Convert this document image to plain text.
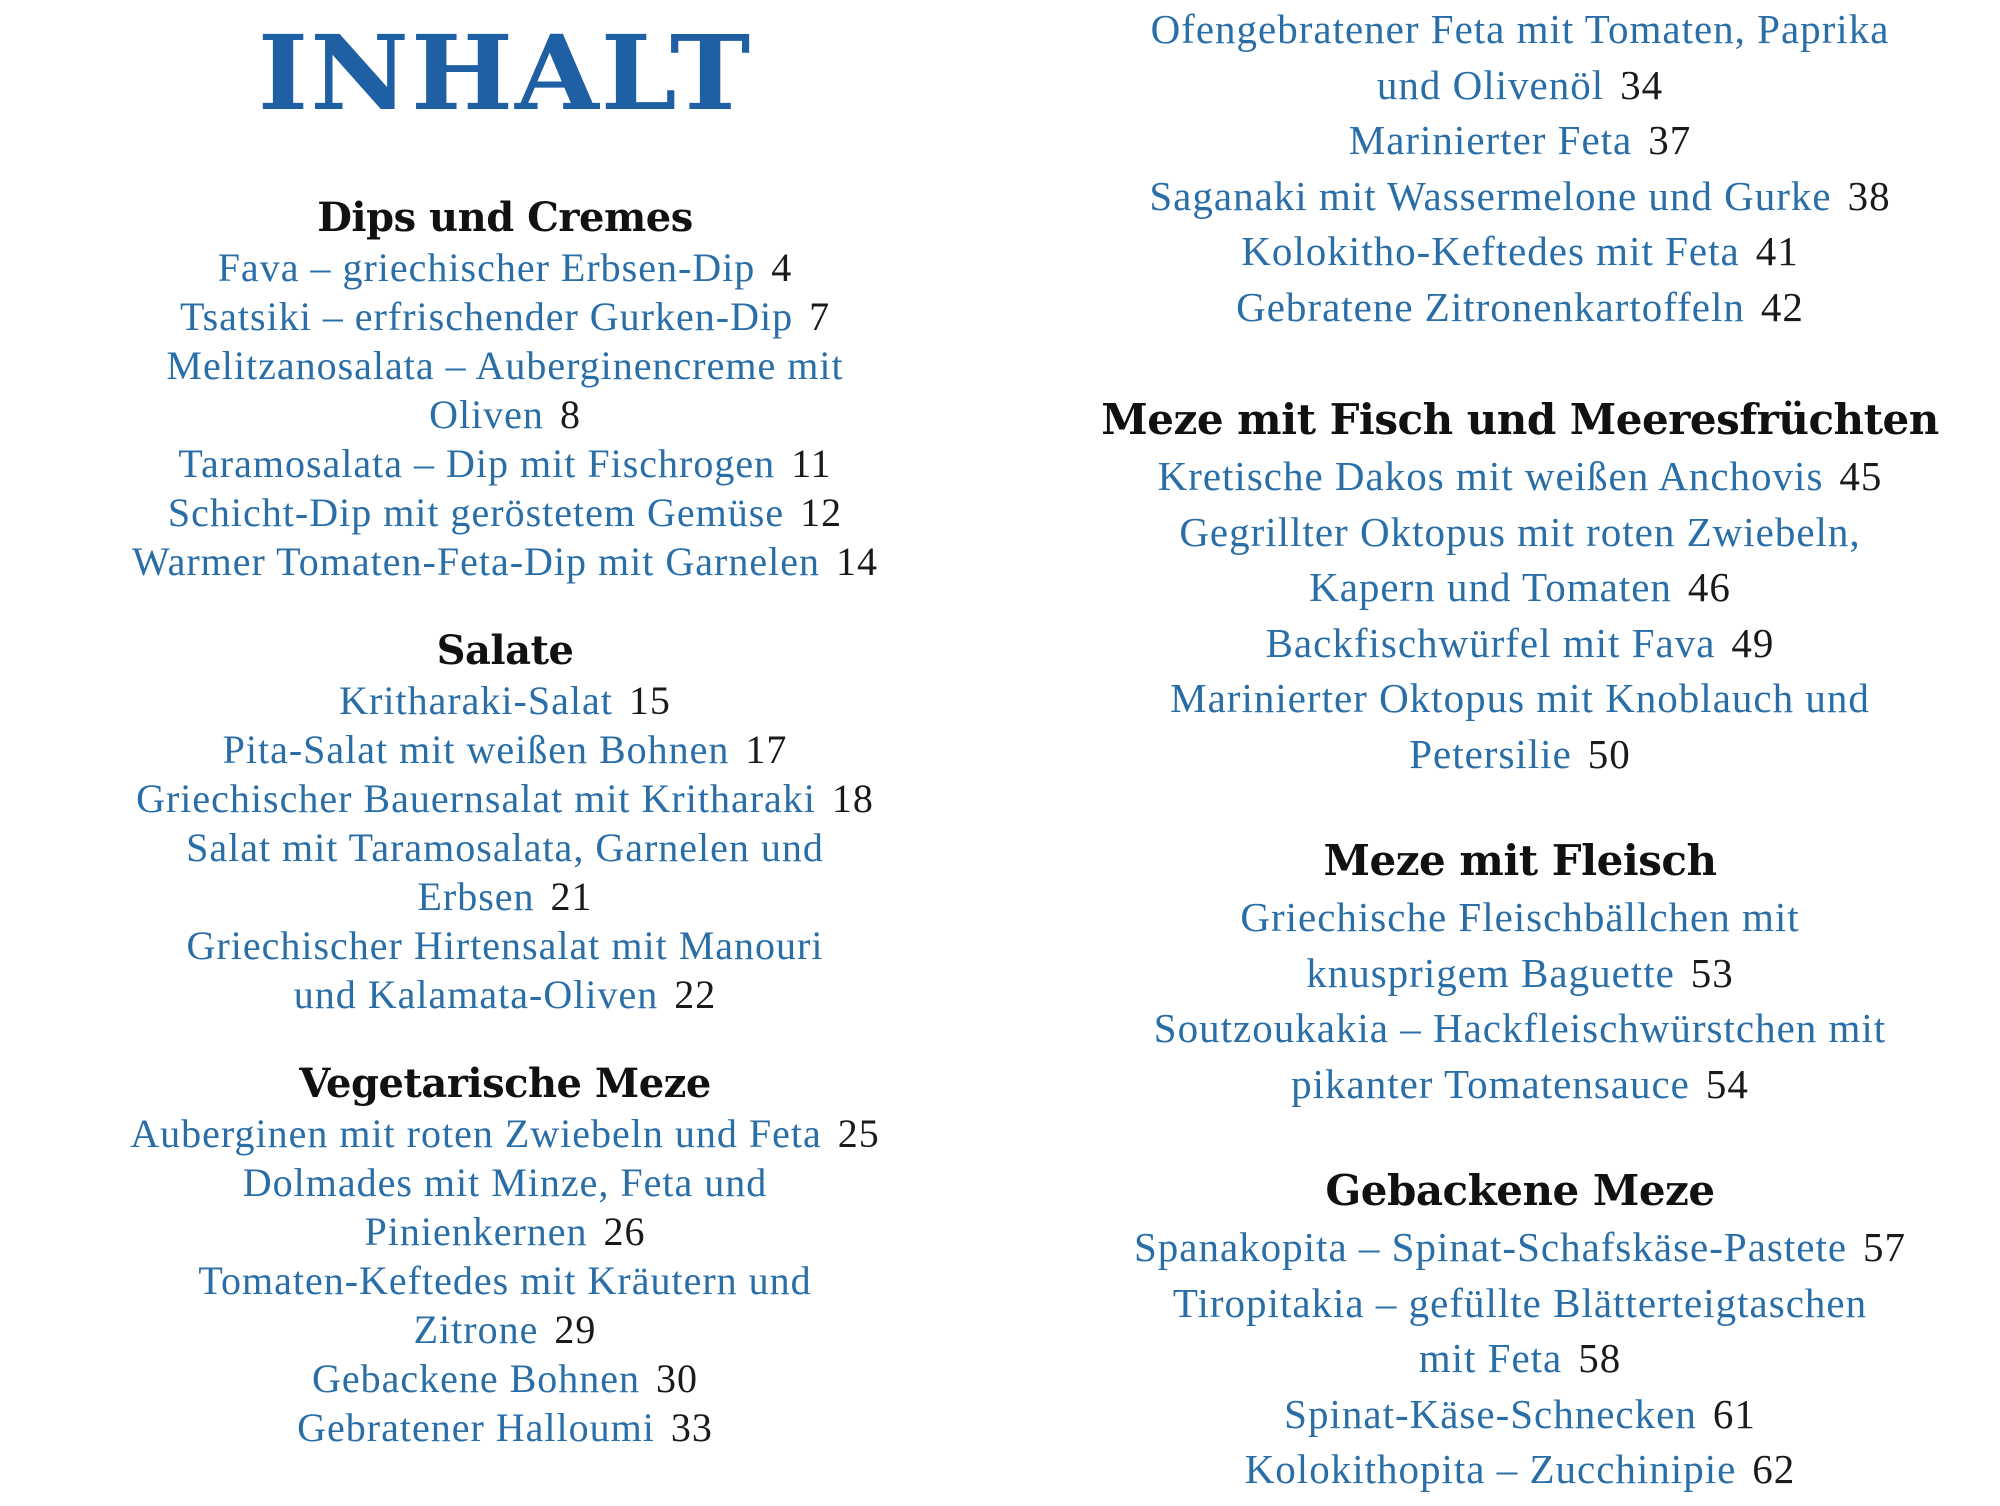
INHALT
Dips und Cremes

Fava – griechischer Erbsen-Dip 4

Tsatsiki – erfrischender Gurken-Dip 7

Melitzanosalata – Auberginencreme mit

Oliven 8

Taramosalata – Dip mit Fischrogen 11

Schicht-Dip mit geröstetem Gemüse 12

Warmer Tomaten-Feta-Dip mit Garnelen 14

Salate

Kritharaki-Salat 15

Pita-Salat mit weißen Bohnen 17

Griechischer Bauernsalat mit Kritharaki 18

Salat mit Taramosalata, Garnelen und

Erbsen 21

Griechischer Hirtensalat mit Manouri

und Kalamata-Oliven 22

Vegetarische Meze

Auberginen mit roten Zwiebeln und Feta 25

Dolmades mit Minze, Feta und

Pinienkernen 26

Tomaten-Keftedes mit Kräutern und

Zitrone 29

Gebackene Bohnen 30

Gebratener Halloumi 33

Ofengebratener Feta mit Tomaten, Paprika

und Olivenöl 34

Marinierter Feta 37

Saganaki mit Wassermelone und Gurke 38

Kolokitho-Keftedes mit Feta 41

Gebratene Zitronenkartoffeln 42

Meze mit Fisch und Meeresfrüchten

Kretische Dakos mit weißen Anchovis 45

Gegrillter Oktopus mit roten Zwiebeln,

Kapern und Tomaten 46

Backfischwürfel mit Fava 49

Marinierter Oktopus mit Knoblauch und

Petersilie 50

Meze mit Fleisch

Griechische Fleischbällchen mit

knusprigem Baguette 53

Soutzoukakia – Hackfleischwürstchen mit

pikanter Tomatensauce 54

Gebackene Meze

Spanakopita – Spinat-Schafskäse-Pastete 57

Tiropitakia – gefüllte Blätterteigtaschen

mit Feta 58

Spinat-Käse-Schnecken 61

Kolokithopita – Zucchinipie 62
